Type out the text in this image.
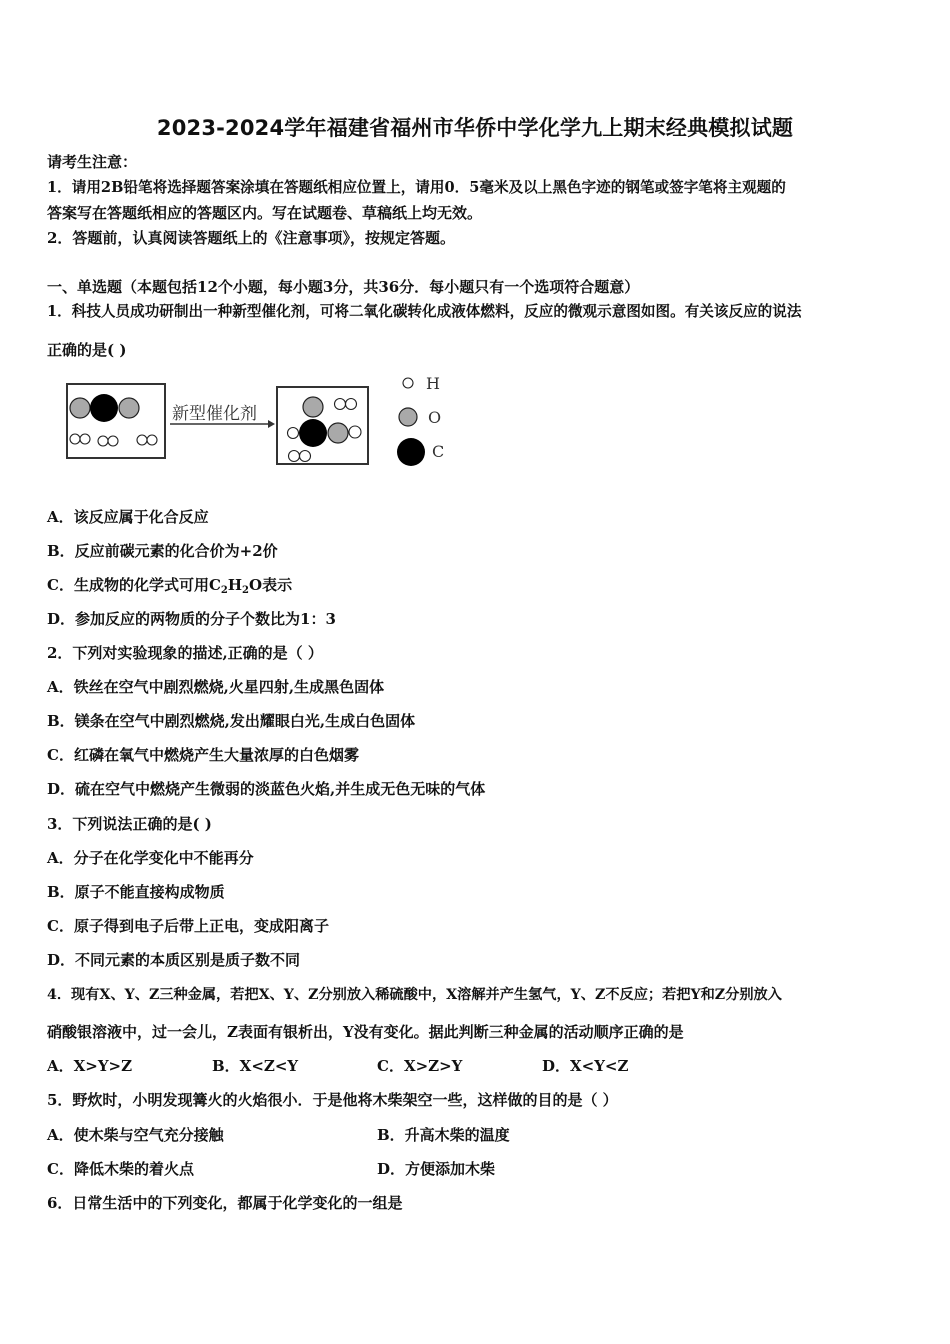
2023-2024学年福建省福州市华侨中学化学九上期末经典模拟试题
请考生注意：
1．请用2B铅笔将选择题答案涂填在答题纸相应位置上，请用0．5毫米及以上黑色字迹的钢笔或签字笔将主观题的
答案写在答题纸相应的答题区内。写在试题卷、草稿纸上均无效。
2．答题前，认真阅读答题纸上的《注意事项》，按规定答题。
一、单选题（本题包括12个小题，每小题3分，共36分．每小题只有一个选项符合题意）
1．科技人员成功研制出一种新型催化剂，可将二氧化碳转化成液体燃料，反应的微观示意图如图。有关该反应的说法
正确的是( )
新型催化剂
H
O
C
A．该反应属于化合反应
B．反应前碳元素的化合价为+2价
C．生成物的化学式可用$C_2H_2O$表示
D．参加反应的两物质的分子个数比为1：3
2．下列对实验现象的描述,正确的是（ ）
A．铁丝在空气中剧烈燃烧,火星四射,生成黑色固体
B．镁条在空气中剧烈燃烧,发出耀眼白光,生成白色固体
C．红磷在氧气中燃烧产生大量浓厚的白色烟雾
D．硫在空气中燃烧产生微弱的淡蓝色火焰,并生成无色无味的气体
3．下列说法正确的是( )
A．分子在化学变化中不能再分
B．原子不能直接构成物质
C．原子得到电子后带上正电，变成阳离子
D．不同元素的本质区别是质子数不同
4．现有X、Y、Z三种金属，若把X、Y、Z分别放入稀硫酸中，X溶解并产生氢气，Y、Z不反应；若把Y和Z分别放入
硝酸银溶液中，过一会儿，Z表面有银析出，Y没有变化。据此判断三种金属的活动顺序正确的是
A．X>Y>Z	B．X<Z<Y	C．X>Z>Y	D．X<Y<Z
5．野炊时，小明发现篝火的火焰很小．于是他将木柴架空一些，这样做的目的是（ ）
A．使木柴与空气充分接触	B．升高木柴的温度
C．降低木柴的着火点	D．方便添加木柴
6．日常生活中的下列变化，都属于化学变化的一组是
